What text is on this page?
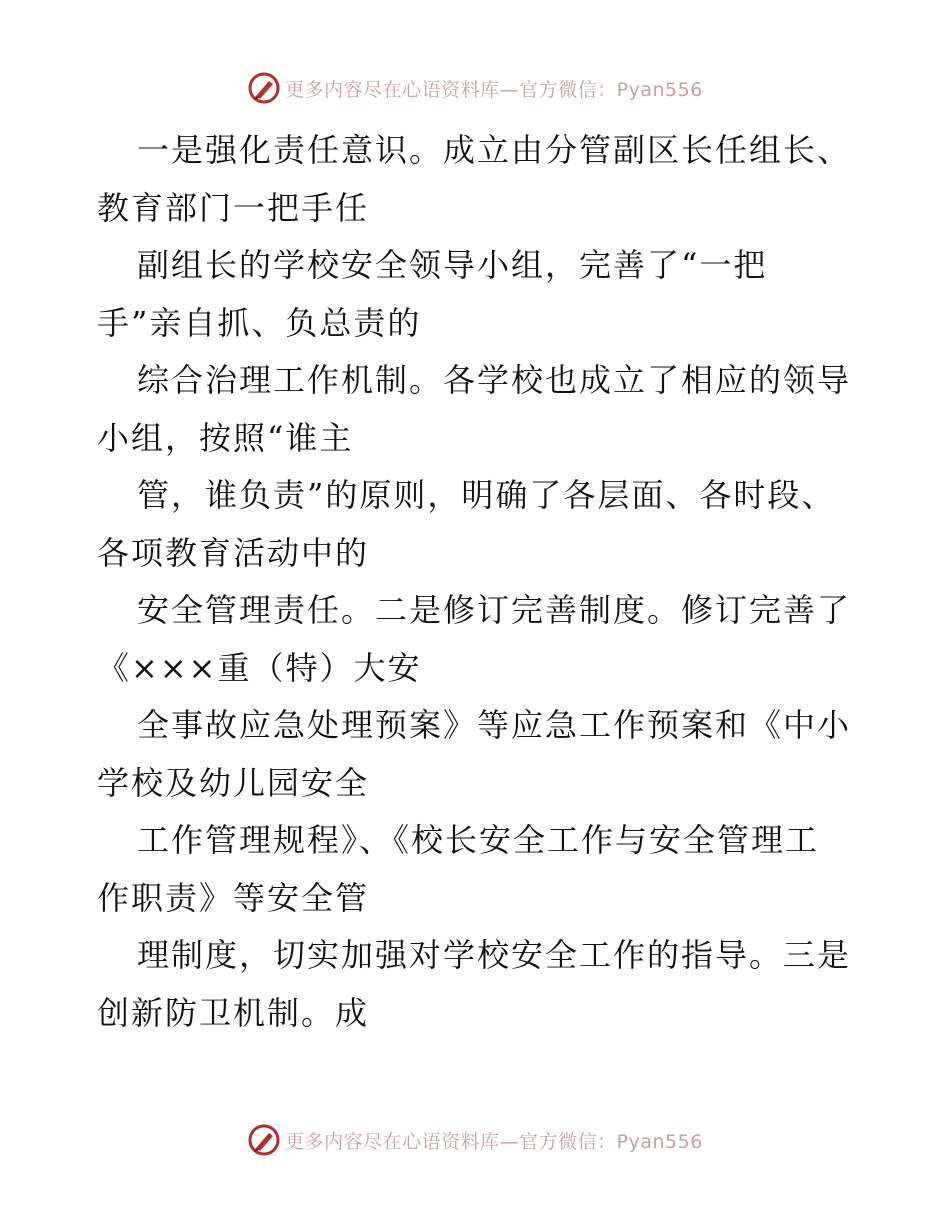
更多内容尽在心语资料库—官方微信：Pyan556
一是强化责任意识。成立由分管副区长任组长、
教育部门一把手任
副组长的学校安全领导小组，完善了“一把
手”亲自抓、负总责的
综合治理工作机制。各学校也成立了相应的领导
小组，按照“谁主
管，谁负责”的原则，明确了各层面、各时段、
各项教育活动中的
安全管理责任。二是修订完善制度。修订完善了
《×××重（特）大安
全事故应急处理预案》等应急工作预案和《中小
学校及幼儿园安全
工作管理规程》、《校长安全工作与安全管理工
作职责》等安全管
理制度，切实加强对学校安全工作的指导。三是
创新防卫机制。成
更多内容尽在心语资料库—官方微信：Pyan556
